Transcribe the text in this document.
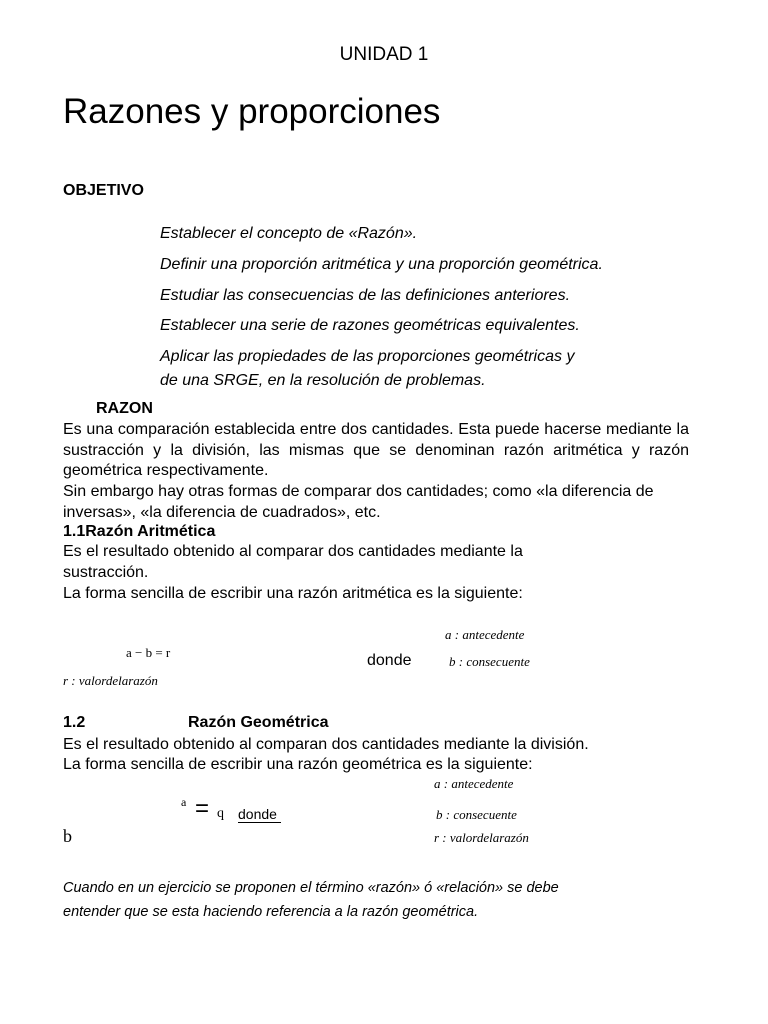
UNIDAD 1
Razones y proporciones
OBJETIVO
Establecer el concepto de «Razón».
Definir una proporción aritmética y una proporción geométrica.
Estudiar las consecuencias de las definiciones anteriores.
Establecer una serie de razones geométricas equivalentes.
Aplicar las propiedades de las proporciones geométricas y
de una SRGE, en la resolución de problemas.
RAZON
Es una comparación establecida entre dos cantidades. Esta puede hacerse mediante la sustracción y la división, las mismas que se denominan razón aritmética y razón geométrica respectivamente.
Sin embargo hay otras formas de comparar dos cantidades; como «la diferencia de inversas», «la diferencia de cuadrados», etc.
1.1Razón Aritmética
Es el resultado obtenido al comparar dos cantidades mediante la
sustracción.
La forma sencilla de escribir una razón aritmética es la siguiente:
a − b = r
r : valordelarazón
donde
a : antecedente
b : consecuente
1.2	Razón Geométrica
Es el resultado obtenido al comparan dos cantidades mediante la división.
La forma sencilla de escribir una razón geométrica es la siguiente:
a = q donde
b
a : antecedente
b : consecuente
r : valordelarazón
Cuando en un ejercicio se proponen el término «razón» ó «relación» se debe
entender que se esta haciendo referencia a la razón geométrica.
